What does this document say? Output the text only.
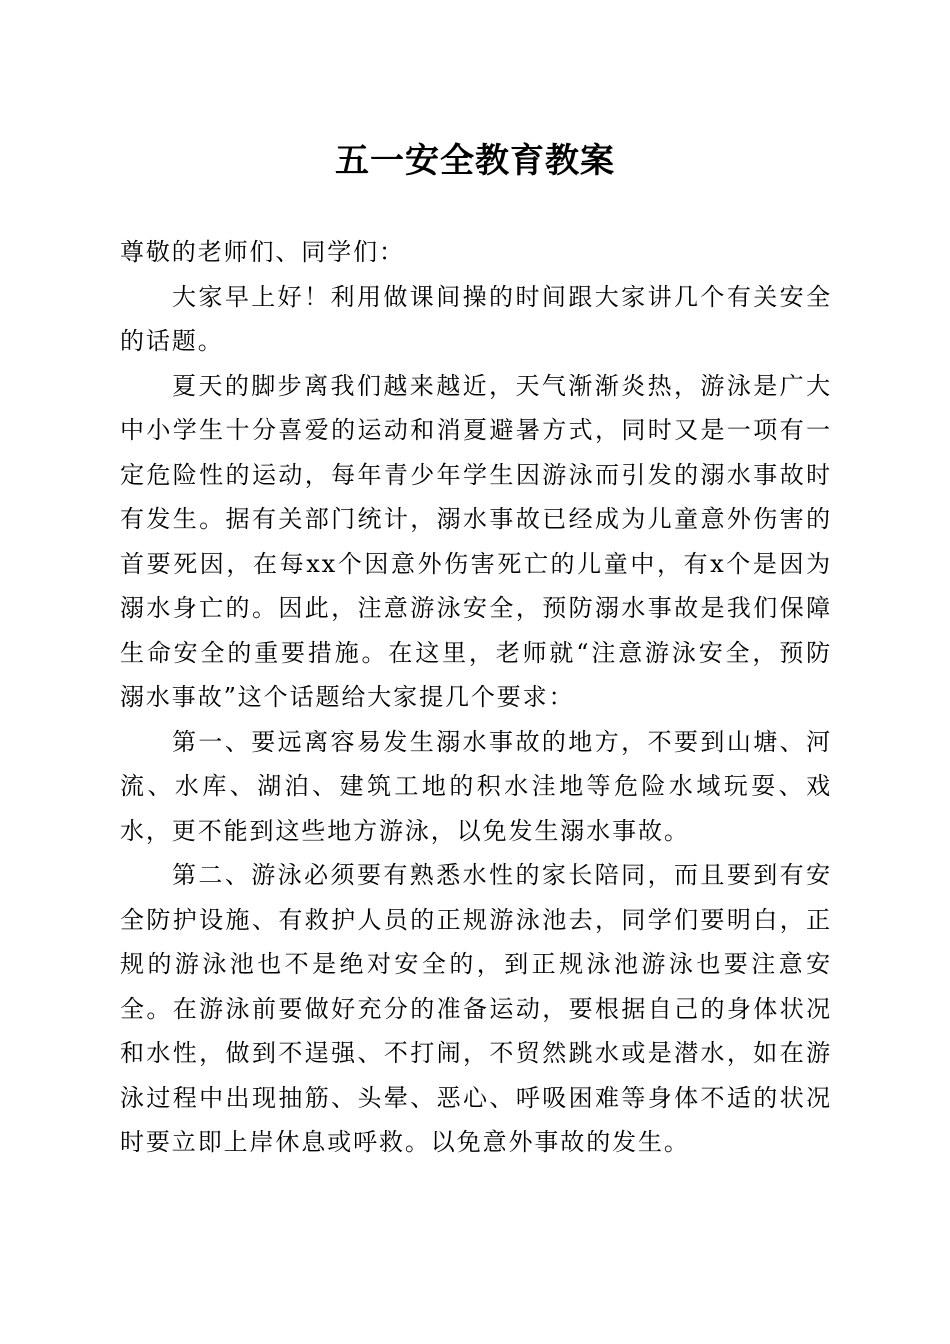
五一安全教育教案

尊敬的老师们、同学们：

大家早上好！利用做课间操的时间跟大家讲几个有关安全的话题。

夏天的脚步离我们越来越近，天气渐渐炎热，游泳是广大中小学生十分喜爱的运动和消夏避暑方式，同时又是一项有一定危险性的运动，每年青少年学生因游泳而引发的溺水事故时有发生。据有关部门统计，溺水事故已经成为儿童意外伤害的首要死因，在每xx个因意外伤害死亡的儿童中，有x个是因为溺水身亡的。因此，注意游泳安全，预防溺水事故是我们保障生命安全的重要措施。在这里，老师就“注意游泳安全，预防溺水事故”这个话题给大家提几个要求：

第一、要远离容易发生溺水事故的地方，不要到山塘、河流、水库、湖泊、建筑工地的积水洼地等危险水域玩耍、戏水，更不能到这些地方游泳，以免发生溺水事故。

第二、游泳必须要有熟悉水性的家长陪同，而且要到有安全防护设施、有救护人员的正规游泳池去，同学们要明白，正规的游泳池也不是绝对安全的，到正规泳池游泳也要注意安全。在游泳前要做好充分的准备运动，要根据自己的身体状况和水性，做到不逞强、不打闹，不贸然跳水或是潜水，如在游泳过程中出现抽筋、头晕、恶心、呼吸困难等身体不适的状况时要立即上岸休息或呼救。以免意外事故的发生。
